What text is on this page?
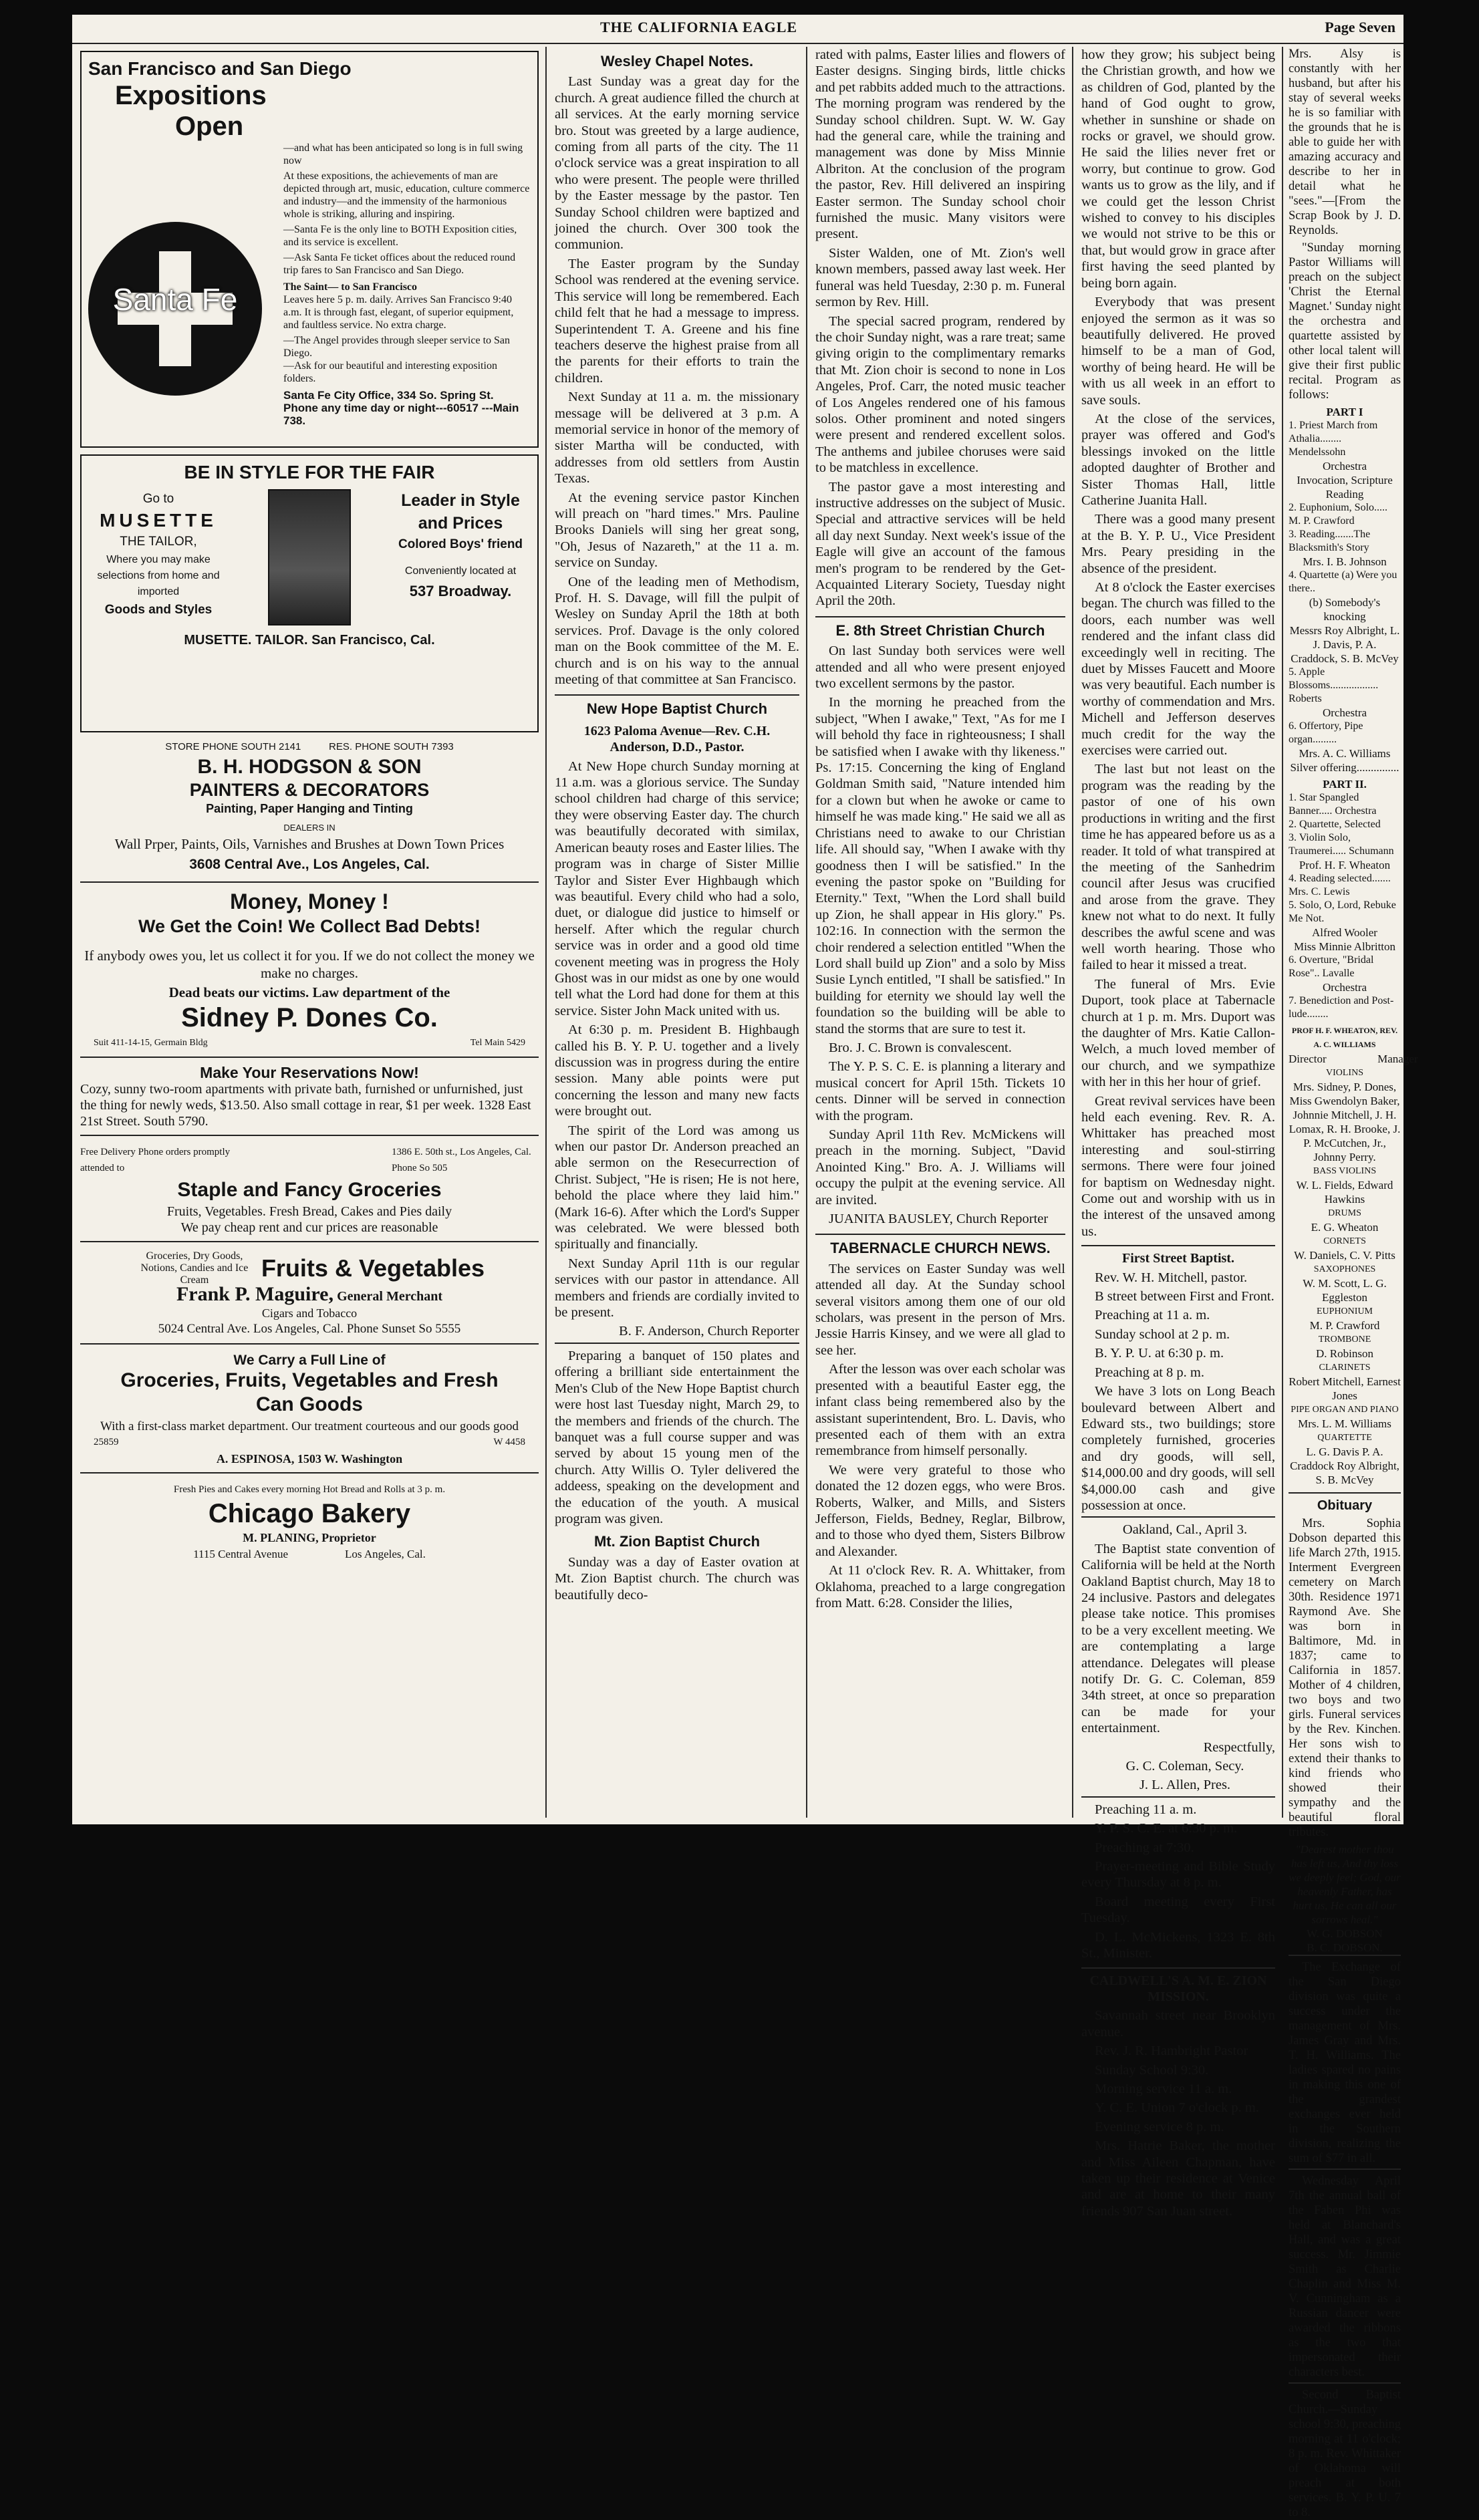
THE CALIFORNIA EAGLE	Page Seven
San Francisco and San Diego
Expositions
Open
Santa Fe
—and what has been anticipated so long is in full swing now
At these expositions, the achievements of man are depicted through art, music, education, culture commerce and industry—and the immensity of the harmonious whole is striking, alluring and inspiring.
—Santa Fe is the only line to BOTH Exposition cities, and its service is excellent.
—Ask Santa Fe ticket offices about the reduced round trip fares to San Francisco and San Diego.
The Saint— to San Francisco
Leaves here 5 p. m. daily. Arrives San Francisco 9:40 a.m. It is through fast, elegant, of superior equipment, and faultless service. No extra charge.
—The Angel provides through sleeper service to San Diego.
—Ask for our beautiful and interesting exposition folders.
Santa Fe City Office, 334 So. Spring St. Phone any time day or night---60517 ---Main 738.
BE IN STYLE FOR THE FAIR
Go to
MUSETTE
THE TAILOR,
Where you may make selections from home and imported
Goods and Styles
Leader in Style and Prices
Colored Boys' friend
Conveniently located at
537 Broadway.
MUSETTE. TAILOR. San Francisco, Cal.
STORE PHONE SOUTH 2141          RES. PHONE SOUTH 7393
B. H. HODGSON & SON
PAINTERS & DECORATORS
Painting, Paper Hanging and Tinting
DEALERS IN
Wall Prper, Paints, Oils, Varnishes and Brushes at Down Town Prices
3608 Central Ave., Los Angeles, Cal.
Money, Money !
We Get the Coin! We Collect Bad Debts!
If anybody owes you, let us collect it for you. If we do not collect the money we make no charges.
Dead beats our victims. Law department of the
Sidney P. Dones Co.
Suit 411-14-15, Germain Bldg	Tel Main 5429
Make Your Reservations Now!
Cozy, sunny two-room apartments with private bath, furnished or unfurnished, just the thing for newly weds, $13.50. Also small cottage in rear, $1 per week. 1328 East 21st Street. South 5790.
Free Delivery Phone orders promptly attended to
1386 E. 50th st., Los Angeles, Cal. Phone So 505
Staple and Fancy Groceries
Fruits, Vegetables. Fresh Bread, Cakes and Pies daily
We pay cheap rent and cur prices are reasonable
Groceries, Dry Goods, Notions, Candies and Ice Cream	Fruits & Vegetables
Frank P. Maguire, General Merchant
Cigars and Tobacco
5024 Central Ave. Los Angeles, Cal. Phone Sunset So 5555
We Carry a Full Line of
Groceries, Fruits, Vegetables and Fresh Can Goods
With a first-class market department. Our treatment courteous and our goods good
25859	W 4458
A. ESPINOSA, 1503 W. Washington
Fresh Pies and Cakes every morning Hot Bread and Rolls at 3 p. m.
Chicago Bakery
M. PLANING, Proprietor
1115 Central Avenue                    Los Angeles, Cal.
Wesley Chapel Notes.

Last Sunday was a great day for the church. A great audience filled the church at all services. At the early morning service bro. Stout was greeted by a large audience, coming from all parts of the city. The 11 o'clock service was a great inspiration to all who were present. The people were thrilled by the Easter message by the pastor. Ten Sunday School children were baptized and joined the church. Over 300 took the communion.

The Easter program by the Sunday School was rendered at the evening service. This service will long be remembered. Each child felt that he had a message to impress. Superintendent T. A. Greene and his fine teachers deserve the highest praise from all the parents for their efforts to train the children.

Next Sunday at 11 a. m. the missionary message will be delivered at 3 p.m. A memorial service in honor of the memory of sister Martha will be conducted, with addresses from old settlers from Austin Texas.

At the evening service pastor Kinchen will preach on "hard times." Mrs. Pauline Brooks Daniels will sing her great song, "Oh, Jesus of Nazareth," at the 11 a. m. service on Sunday.

One of the leading men of Methodism, Prof. H. S. Davage, will fill the pulpit of Wesley on Sunday April the 18th at both services. Prof. Davage is the only colored man on the Book committee of the M. E. church and is on his way to the annual meeting of that committee at San Francisco.

New Hope Baptist Church
1623 Paloma Avenue—Rev. C.H. Anderson, D.D., Pastor.

At New Hope church Sunday morning at 11 a.m. was a glorious service. The Sunday school children had charge of this service; they were observing Easter day. The church was beautifully decorated with similax, American beauty roses and Easter lilies. The program was in charge of Sister Millie Taylor and Sister Ever Highbaugh which was beautiful. Every child who had a solo, duet, or dialogue did justice to himself or herself. After which the regular church service was in order and a good old time covenent meeting was in progress the Holy Ghost was in our midst as one by one would tell what the Lord had done for them at this service. Sister John Mack united with us.

At 6:30 p. m. President B. Highbaugh called his B. Y. P. U. together and a lively discussion was in progress during the entire session. Many able points were put concerning the lesson and many new facts were brought out.

The spirit of the Lord was among us when our pastor Dr. Anderson preached an able sermon on the Resecurrection of Christ. Subject, "He is risen; He is not here, behold the place where they laid him." (Mark 16-6). After which the Lord's Supper was celebrated. We were blessed both spiritually and financially.

Next Sunday April 11th is our regular services with our pastor in attendance. All members and friends are cordially invited to be present.

B. F. Anderson, Church Reporter

Preparing a banquet of 150 plates and offering a brilliant side entertainment the Men's Club of the New Hope Baptist church were host last Tuesday night, March 29, to the members and friends of the church. The banquet was a full course supper and was served by about 15 young men of the church. Atty Willis O. Tyler delivered the addeess, speaking on the development and the education of the youth. A musical program was given.

Mt. Zion Baptist Church

Sunday was a day of Easter ovation at Mt. Zion Baptist church. The church was beautifully deco-

rated with palms, Easter lilies and flowers of Easter designs. Singing birds, little chicks and pet rabbits added much to the attractions. The morning program was rendered by the Sunday school children. Supt. W. W. Gay had the general care, while the training and management was done by Miss Minnie Albriton. At the conclusion of the program the pastor, Rev. Hill delivered an inspiring Easter sermon. The Sunday school choir furnished the music. Many visitors were present.

Sister Walden, one of Mt. Zion's well known members, passed away last week. Her funeral was held Tuesday, 2:30 p. m. Funeral sermon by Rev. Hill.

The special sacred program, rendered by the choir Sunday night, was a rare treat; same giving origin to the complimentary remarks that Mt. Zion choir is second to none in Los Angeles, Prof. Carr, the noted music teacher of Los Angeles rendered one of his famous solos. Other prominent and noted singers were present and rendered excellent solos. The anthems and jubilee choruses were said to be matchless in excellence.

The pastor gave a most interesting and instructive addresses on the subject of Music. Special and attractive services will be held all day next Sunday. Next week's issue of the Eagle will give an account of the famous men's program to be rendered by the Get-Acquainted Literary Society, Tuesday night April the 20th.

E. 8th Street Christian Church

On last Sunday both services were well attended and all who were present enjoyed two excellent sermons by the pastor.

In the morning he preached from the subject, "When I awake," Text, "As for me I will behold thy face in righteousness; I shall be satisfied when I awake with thy likeness." Ps. 17:15. Concerning the king of England Goldman Smith said, "Nature intended him for a clown but when he awoke or came to himself he was made king." He said we all as Christians need to awake to our Christian life. All should say, "When I awake with thy goodness then I will be satisfied." In the evening the pastor spoke on "Building for Eternity." Text, "When the Lord shall build up Zion, he shall appear in His glory." Ps. 102:16. In connection with the sermon the choir rendered a selection entitled "When the Lord shall build up Zion" and a solo by Miss Susie Lynch entitled, "I shall be satisfied." In building for eternity we should lay well the foundation so the building will be able to stand the storms that are sure to test it.

Bro. J. C. Brown is convalescent.

The Y. P. S. C. E. is planning a literary and musical concert for April 15th. Tickets 10 cents. Dinner will be served in connection with the program.

Sunday April 11th Rev. McMickens will preach in the morning. Subject, "David Anointed King." Bro. A. J. Williams will occupy the pulpit at the evening service. All are invited.

JUANITA BAUSLEY, Church Reporter

TABERNACLE CHURCH NEWS.

The services on Easter Sunday was well attended all day. At the Sunday school several visitors among them one of our old scholars, was present in the person of Mrs. Jessie Harris Kinsey, and we were all glad to see her.

After the lesson was over each scholar was presented with a beautiful Easter egg, the infant class being remembered also by the assistant superintendent, Bro. L. Davis, who presented each of them with an extra remembrance from himself personally.

We were very grateful to those who donated the 12 dozen eggs, who were Bros. Roberts, Walker, and Mills, and Sisters Jefferson, Fields, Bedney, Reglar, Bilbrow, and to those who dyed them, Sisters Bilbrow and Alexander.

At 11 o'clock Rev. R. A. Whittaker, from Oklahoma, preached to a large congregation from Matt. 6:28. Consider the lilies,

how they grow; his subject being the Christian growth, and how we as children of God, planted by the hand of God ought to grow, whether in sunshine or shade on rocks or gravel, we should grow. He said the lilies never fret or worry, but continue to grow. God wants us to grow as the lily, and if we could get the lesson Christ wished to convey to his disciples we would not strive to be this or that, but would grow in grace after first having the seed planted by being born again.

Everybody that was present enjoyed the sermon as it was so beautifully delivered. He proved himself to be a man of God, worthy of being heard. He will be with us all week in an effort to save souls.

At the close of the services, prayer was offered and God's blessings invoked on the little adopted daughter of Brother and Sister Thomas Hall, little Catherine Juanita Hall.

There was a good many present at the B. Y. P. U., Vice President Mrs. Peary presiding in the absence of the president.

At 8 o'clock the Easter exercises began. The church was filled to the doors, each number was well rendered and the infant class did exceedingly well in reciting. The duet by Misses Faucett and Moore was very beautiful. Each number is worthy of commendation and Mrs. Michell and Jefferson deserves much credit for the way the exercises were carried out.

The last but not least on the program was the reading by the pastor of one of his own productions in writing and the first time he has appeared before us as a reader. It told of what transpired at the meeting of the Sanhedrim council after Jesus was crucified and arose from the grave. They knew not what to do next. It fully describes the awful scene and was well worth hearing. Those who failed to hear it missed a treat.

The funeral of Mrs. Evie Duport, took place at Tabernacle church at 1 p. m. Mrs. Duport was the daughter of Mrs. Katie Callon-Welch, a much loved member of our church, and we sympathize with her in this her hour of grief.

Great revival services have been held each evening. Rev. R. A. Whittaker has preached most interesting and soul-stirring sermons. There were four joined for baptism on Wednesday night. Come out and worship with us in the interest of the unsaved among us.

First Street Baptist.

Rev. W. H. Mitchell, pastor.

B street between First and Front.

Preaching at 11 a. m.

Sunday school at 2 p. m.

B. Y. P. U. at 6:30 p. m.

Preaching at 8 p. m.

We have 3 lots on Long Beach boulevard between Albert and Edward sts., two buildings; store completely furnished, groceries and dry goods, will sell, $14,000.00 and dry goods, will sell $4,000.00 cash and give possession at once.

Oakland, Cal., April 3.

The Baptist state convention of California will be held at the North Oakland Baptist church, May 18 to 24 inclusive. Pastors and delegates please take notice. This promises to be a very excellent meeting. We are contemplating a large attendance. Delegates will please notify Dr. G. C. Coleman, 859 34th street, at once so preparation can be made for your entertainment.

Respectfully,

G. C. Coleman, Secy.

J. L. Allen, Pres.

Preaching 11 a. m.

Y. P. S. C. E. at 6:30 p. m.

Preaching at 7:30.

Prayer-meeting and Bible Study every Thursday at 8 p. m.

Board meeting every First Tuesday.

D. L. McMickens, 1323 E. 8th St., Minister.

CALDWELL'S A. M. E. ZION MISSION.

Savannah street near Brooklyn avenue.

Rev. J. R. Hambright Pastor

Sunday School 9:30.

Morning service 11 a. m.

Y. C. E. Union 7 o'clock p. m.

Evening service 8 p. m.

Mrs. Hatrie Baker, the mother and Miss Aileen Chapman, have taken up their residence at Venice and are at home to their many friends 907 San Juan street.

Mrs. Alsy is constantly with her husband, but after his stay of several weeks he is so familiar with the grounds that he is able to guide her with amazing accuracy and describe to her in detail what he "sees."—[From the Scrap Book by J. D. Reynolds.

"Sunday morning Pastor Williams will preach on the subject 'Christ the Eternal Magnet.' Sunday night the orchestra and quartette assisted by other local talent will give their first public recital. Program as follows:

PART I

1. Priest March from Athalia........ Mendelssohn

Orchestra

Invocation, Scripture Reading

2. Euphonium, Solo..... M. P. Crawford

3. Reading.......The Blacksmith's Story

Mrs. I. B. Johnson

4. Quartette (a) Were you there..

(b) Somebody's knocking

Messrs Roy Albright, L. J. Davis, P. A. Craddock, S. B. McVey

5. Apple Blossoms.................. Roberts

Orchestra

6. Offertory, Pipe organ.........

Mrs. A. C. Williams

Silver offering...............

PART II.

1. Star Spangled Banner..... Orchestra

2. Quartette, Selected

3. Violin Solo, Traumerei..... Schumann

Prof. H. F. Wheaton

4. Reading selected....... Mrs. C. Lewis

5. Solo, O, Lord, Rebuke Me Not.

Alfred Wooler

Miss Minnie Albritton

6. Overture, "Bridal Rose".. Lavalle

Orchestra

7. Benediction and Post-lude........

PROF H. F. WHEATON, REV. A. C. WILLIAMS

Director                  Manager

VIOLINS

Mrs. Sidney, P. Dones, Miss Gwendolyn Baker, Johnnie Mitchell, J. H. Lomax, R. H. Brooke, J. P. McCutchen, Jr., Johnny Perry.

BASS VIOLINS

W. L. Fields, Edward Hawkins

DRUMS

E. G. Wheaton

CORNETS

W. Daniels, C. V. Pitts

SAXOPHONES

W. M. Scott, L. G. Eggleston

EUPHONIUM

M. P. Crawford

TROMBONE

D. Robinson

CLARINETS

Robert Mitchell, Earnest Jones

PIPE ORGAN AND PIANO

Mrs. L. M. Williams

QUARTETTE

L. G. Davis P. A. Craddock Roy Albright, S. B. McVey

Obituary

Mrs. Sophia Dobson departed this life March 27th, 1915. Interment Evergreen cemetery on March 30th. Residence 1971 Raymond Ave. She was born in Baltimore, Md. in 1837; came to California in 1857. Mother of 4 children, two boys and two girls. Funeral services by the Rev. Kinchen. Her sons wish to extend their thanks to kind friends who showed their sympathy and the beautiful floral tributes.

"Dearest mother thou has left us, And thy loss we deeply feel; God, our heavenly Father, has hurt us, He can all our sorrows heal."

W. G. DOBSON

B. C. DOBSON.

The Exchange of the San Diego division was quite a success under the management of Mrs. James Gray and Mrs. T. H. Williams. The ladies spared no pains in making this one of the grandest exchanges ever held in the Southern division, realizing the sum of $77 in all.

Wednesday April 7th the annual ball of the Faben Phi was held at Blanchard's Hall, and was a great success. Mr. Jimmie Smith as Charlie Chaplin and Miss M. V. Cunningham as a Russian dancer were awarded the ribbons as the two that impersonated their characters best.

Second Baptist Church.—Sunday school 9:30, preaching morning at 11 o'clock; 8 p. m. Rev. Whittaker of Oklahoma will preach at both services. B. Y. P. U. 7 to 8.
